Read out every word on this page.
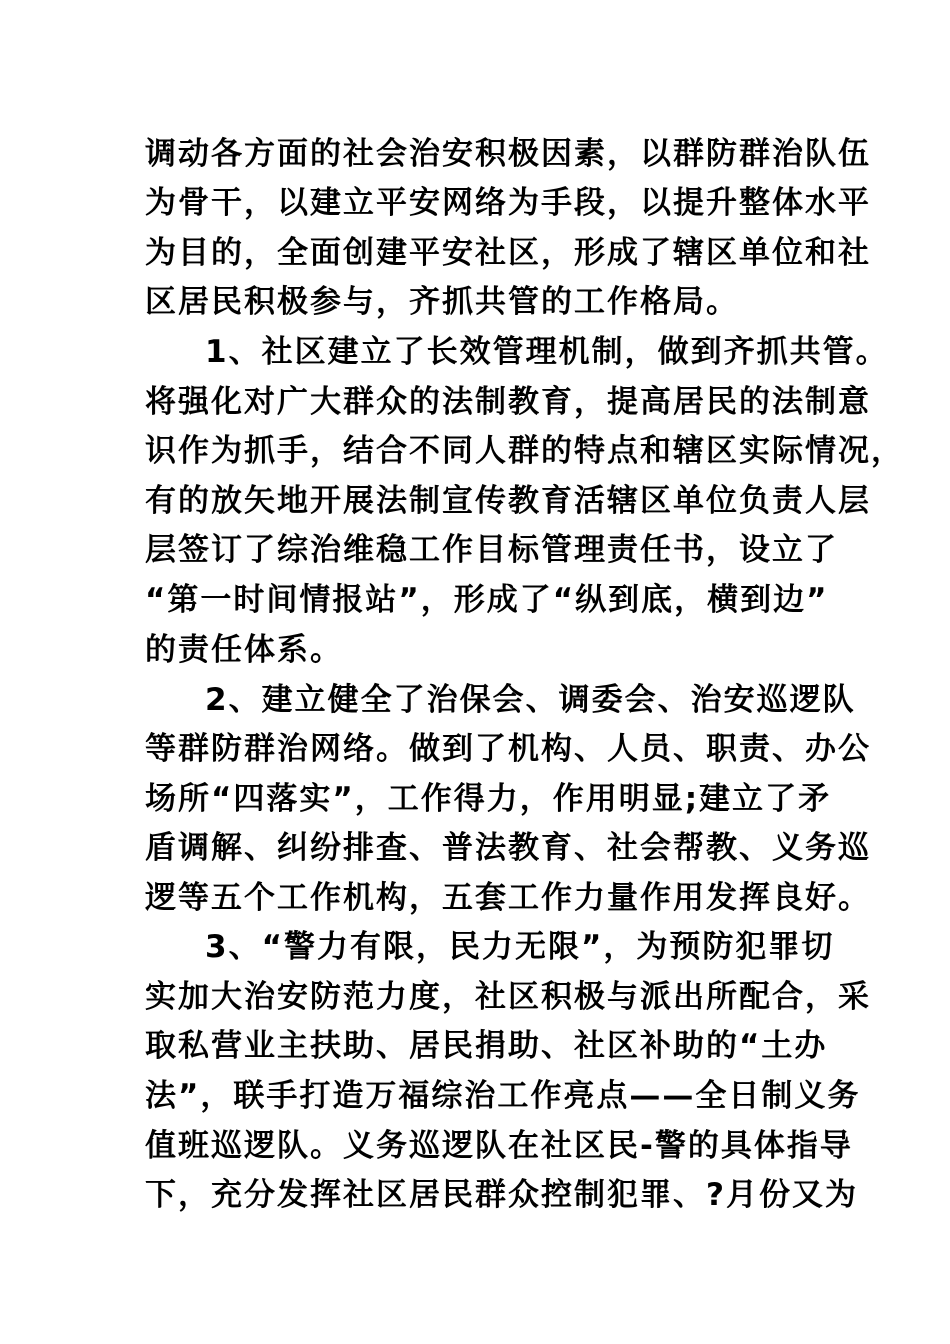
调动各方面的社会治安积极因素，以群防群治队伍
为骨干，以建立平安网络为手段，以提升整体水平
为目的，全面创建平安社区，形成了辖区单位和社
区居民积极参与，齐抓共管的工作格局。
1、社区建立了长效管理机制，做到齐抓共管。
将强化对广大群众的法制教育，提高居民的法制意
识作为抓手，结合不同人群的特点和辖区实际情况，
有的放矢地开展法制宣传教育活辖区单位负责人层
层签订了综治维稳工作目标管理责任书，设立了
“第一时间情报站”，形成了“纵到底，横到边”
的责任体系。
2、建立健全了治保会、调委会、治安巡逻队
等群防群治网络。做到了机构、人员、职责、办公
场所“四落实”，工作得力，作用明显;建立了矛
盾调解、纠纷排查、普法教育、社会帮教、义务巡
逻等五个工作机构，五套工作力量作用发挥良好。
3、“警力有限，民力无限”，为预防犯罪切
实加大治安防范力度，社区积极与派出所配合，采
取私营业主扶助、居民捐助、社区补助的“土办
法”，联手打造万福综治工作亮点——全日制义务
值班巡逻队。义务巡逻队在社区民-警的具体指导
下，充分发挥社区居民群众控制犯罪、?月份又为
